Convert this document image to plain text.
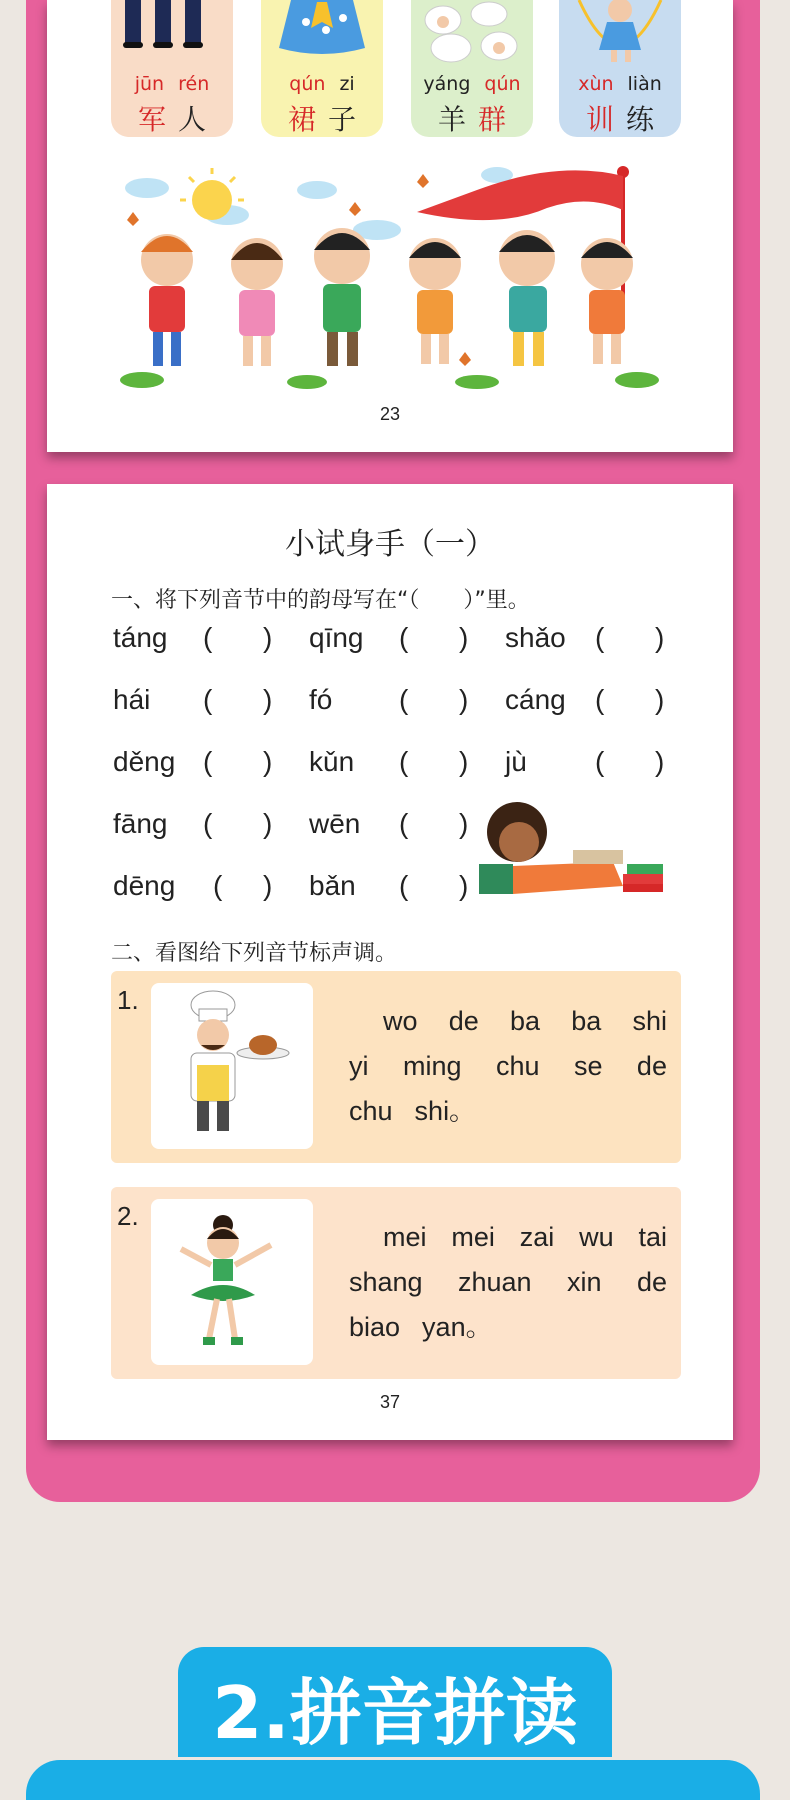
jūn rén
军 人
qún zi
裙 子
yáng qún
羊 群
xùn liàn
训 练
23
小试身手（一）
一、将下列音节中的韵母写在“（　　）”里。
táng ( ) qīng ( ) shǎo ( )
hái ( ) fó ( ) cáng ( )
děng ( ) kǔn ( ) jù ( )
fāng ( ) wēn ( )
dēng ( ) bǎn ( )
二、看图给下列音节标声调。
1.
wo de ba ba shi
yi ming chu se de
chu shi。
2.
mei mei zai wu tai
shang zhuan xin de
biao yan。
37
2.拼音拼读
